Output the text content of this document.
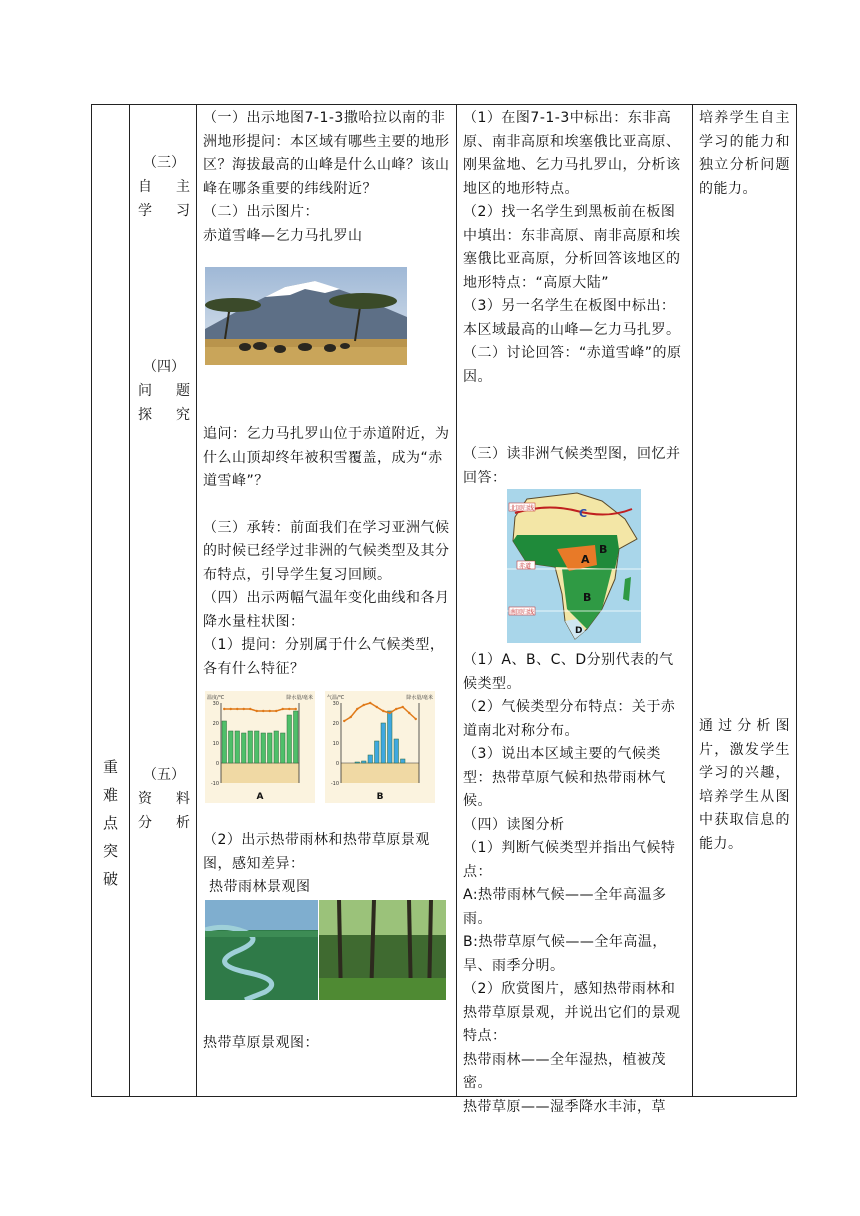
重
难
点
突
破

（三）
自 主
学 习
（四）
问 题
探 究
（五）
资 料
分 析

（一）出示地图7-1-3撒哈拉以南的非洲地形提问：本区域有哪些主要的地形区？海拔最高的山峰是什么山峰？该山峰在哪条重要的纬线附近？
（二）出示图片：
赤道雪峰—乞力马扎罗山
追问：乞力马扎罗山位于赤道附近，为什么山顶却终年被积雪覆盖，成为“赤道雪峰”？
（三）承转：前面我们在学习亚洲气候的时候已经学过非洲的气候类型及其分布特点，引导学生复习回顾。
（四）出示两幅气温年变化曲线和各月降水量柱状图：
（1）提问：分别属于什么气候类型，各有什么特征？
-10
0
10
20
30
温度/℃	降水量/毫米
A
-10
0
10
20
30
气温/℃	降水量/毫米
B
（2）出示热带雨林和热带草原景观图，感知差异：
热带雨林景观图
热带草原景观图：

（1）在图7-1-3中标出：东非高原、南非高原和埃塞俄比亚高原、刚果盆地、乞力马扎罗山，分析该地区的地形特点。
（2）找一名学生到黑板前在板图中填出：东非高原、南非高原和埃塞俄比亚高原，分析回答该地区的地形特点：“高原大陆”
（3）另一名学生在板图中标出：本区域最高的山峰—乞力马扎罗。
（二）讨论回答：“赤道雪峰”的原因。
（三）读非洲气候类型图，回忆并回答：
C
B
A
B
D
北回归线
赤道
南回归线
（1）A、B、C、D分别代表的气候类型。
（2）气候类型分布特点：关于赤道南北对称分布。
（3）说出本区域主要的气候类型：热带草原气候和热带雨林气候。
（四）读图分析
（1）判断气候类型并指出气候特点：
A:热带雨林气候——全年高温多雨。
B:热带草原气候——全年高温，旱、雨季分明。
（2）欣赏图片，感知热带雨林和热带草原景观，并说出它们的景观特点：
热带雨林——全年湿热，植被茂密。
热带草原——湿季降水丰沛，草

培养学生自主学习的能力和独立分析问题的能力。
通过分析图片，激发学生学习的兴趣，培养学生从图中获取信息的能力。
